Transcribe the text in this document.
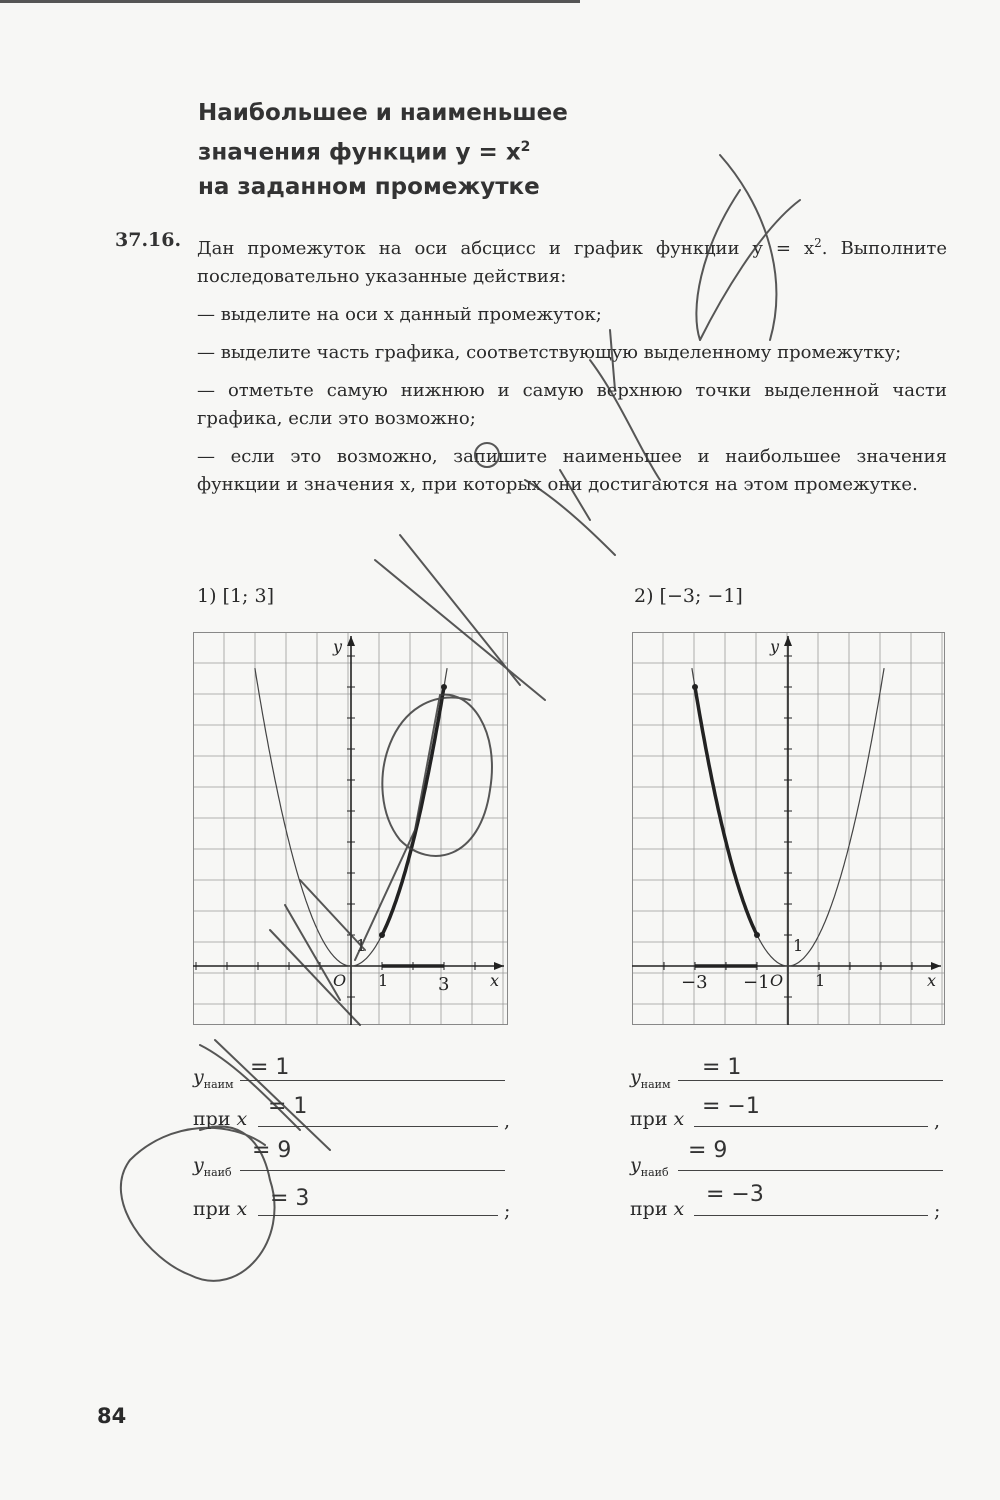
Наибольшее и наименьшее
значения функции $y = x^2$
на заданном промежутке
37.16. Дан промежуток на оси абсцисс и график функции $y = x^2$. Выполните последовательно указанные действия:

— выделите на оси x данный промежуток;

— выделите часть графика, соответствующую выделенному промежутку;

— отметьте самую нижнюю и самую верхнюю точки выделенной части графика, если это возможно;

— если это возможно, запишите наименьшее и наибольшее значения функции и значения x, при которых они достигаются на этом промежутке.

1) [1; 3]
y
x
O 1
1
3
2) [−3; −1]
y
x
O 1
1
−3 −1
$y_{наим}$
= 1
при x = 1
,
$y_{наиб}$
= 9
при x = 3	;
$y_{наим}$
= 1
при x = −1
,
$y_{наиб}$
= 9
при x
= −3
;
84
